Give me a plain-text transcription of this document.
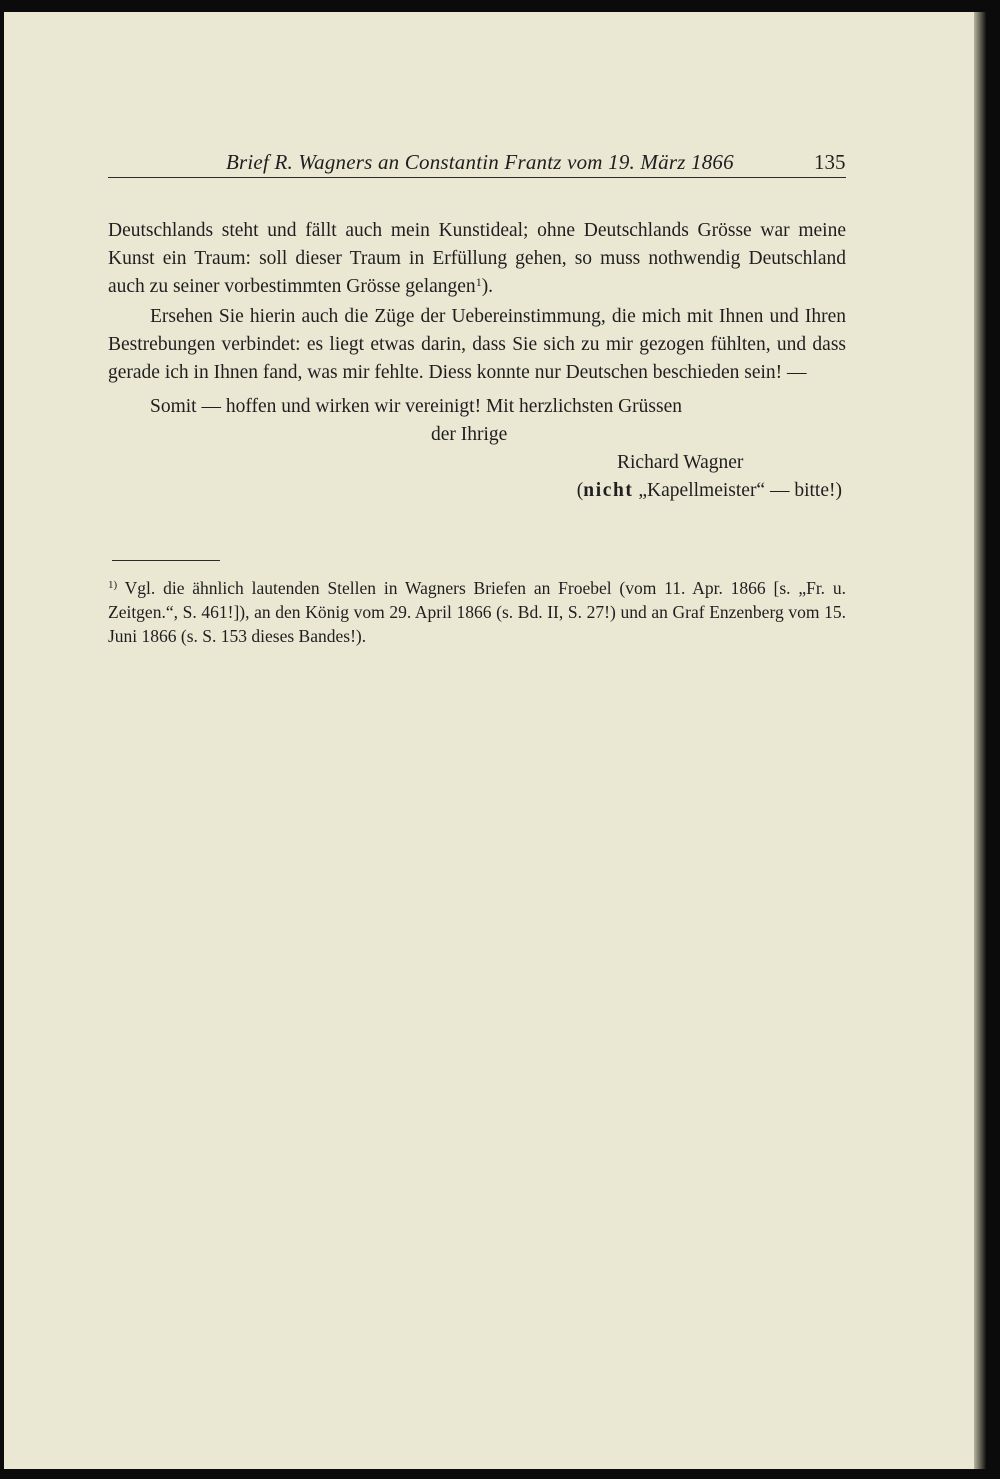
Brief R. Wagners an Constantin Frantz vom 19. März 1866	135

Deutschlands steht und fällt auch mein Kunstideal; ohne Deutschlands Grösse war meine Kunst ein Traum: soll dieser Traum in Erfüllung gehen, so muss nothwendig Deutschland auch zu seiner vorbestimmten Grösse gelangen$^1$).

Ersehen Sie hierin auch die Züge der Uebereinstimmung, die mich mit Ihnen und Ihren Bestrebungen verbindet: es liegt etwas darin, dass Sie sich zu mir gezogen fühlten, und dass gerade ich in Ihnen fand, was mir fehlte. Diess konnte nur Deutschen beschieden sein! —

Somit — hoffen und wirken wir vereinigt! Mit herzlichsten Grüssen

der Ihrige

Richard Wagner

(nicht „Kapellmeister“ — bitte!)

$^{1)}$ Vgl. die ähnlich lautenden Stellen in Wagners Briefen an Froebel (vom 11. Apr. 1866 [s. „Fr. u. Zeitgen.“, S. 461!]), an den König vom 29. April 1866 (s. Bd. II, S. 27!) und an Graf Enzenberg vom 15. Juni 1866 (s. S. 153 dieses Bandes!).
